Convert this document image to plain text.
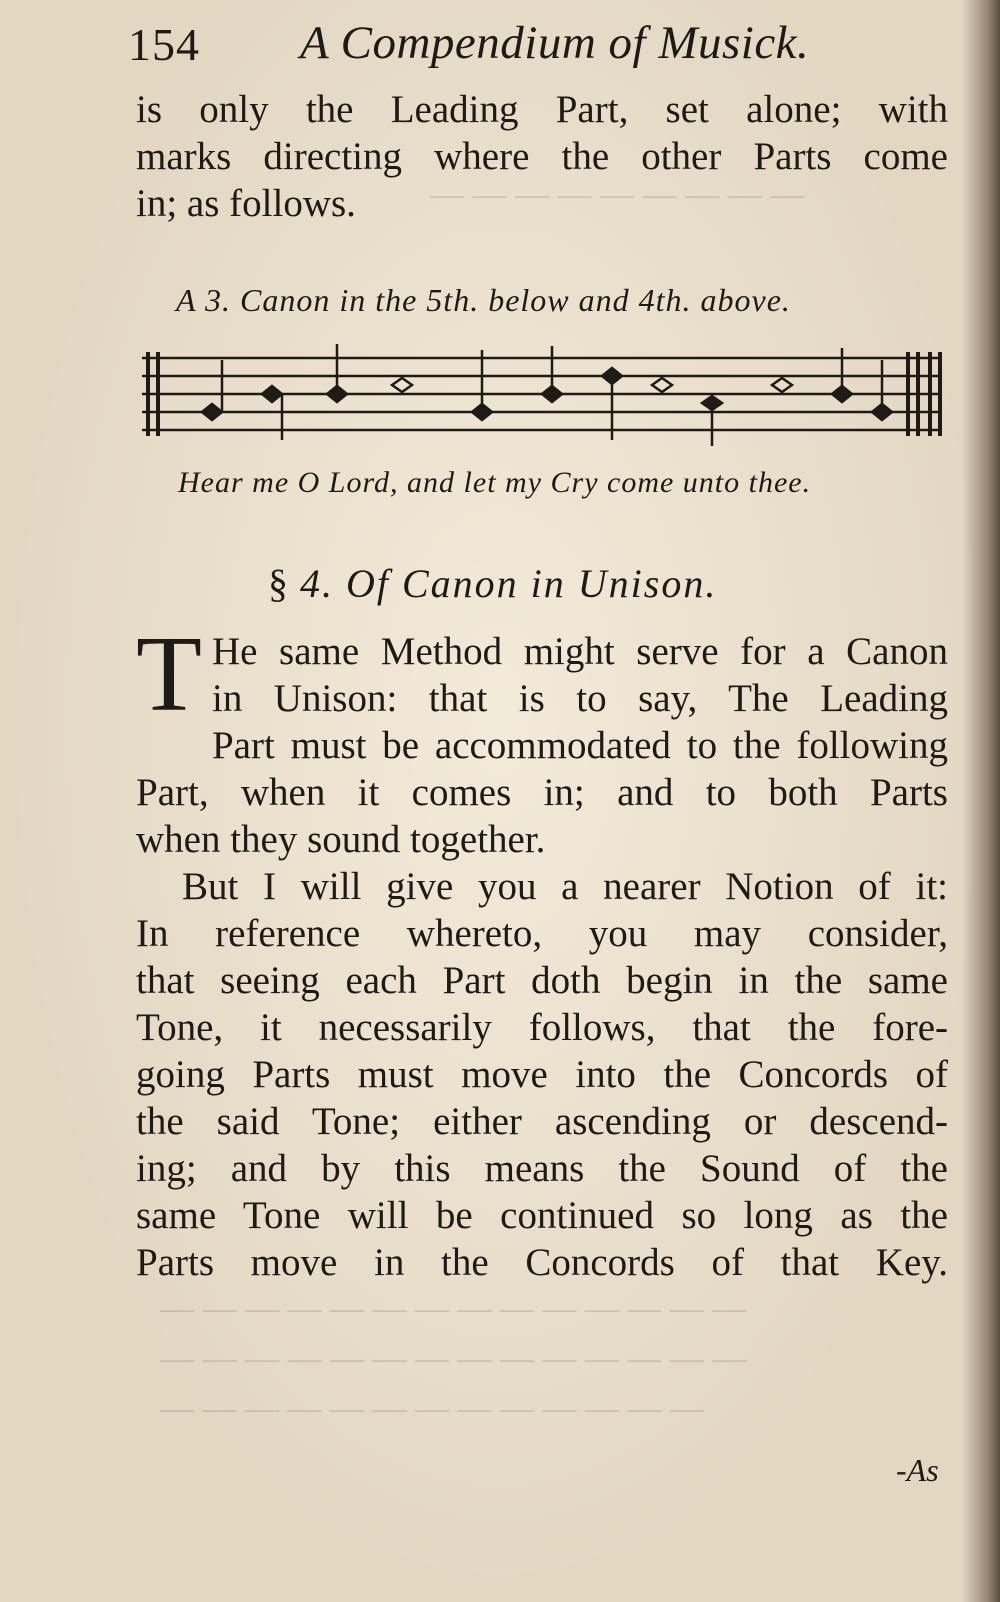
— — — — — — — — —
— — — — — — — — — — — — — —
— — — — — — — — — — — — — —
— — — — — — — — — — — — —
154 A Compendium of Musick.

is only the Leading Part, set alone; with

marks directing where the other Parts come

in; as follows.

A 3. Canon in the 5th. below and 4th. above.
Hear me O Lord, and let my Cry come unto thee.
§ 4. Of Canon in Unison.
T He same Method might serve for a Canon

in Unison: that is to say, The Leading

Part must be accommodated to the following

Part, when it comes in; and to both Parts

when they sound together.

But I will give you a nearer Notion of it:

In reference whereto, you may consider,

that seeing each Part doth begin in the same

Tone, it necessarily follows, that the fore-

going Parts must move into the Concords of

the said Tone; either ascending or descend-

ing; and by this means the Sound of the

same Tone will be continued so long as the

Parts move in the Concords of that Key.

-As
